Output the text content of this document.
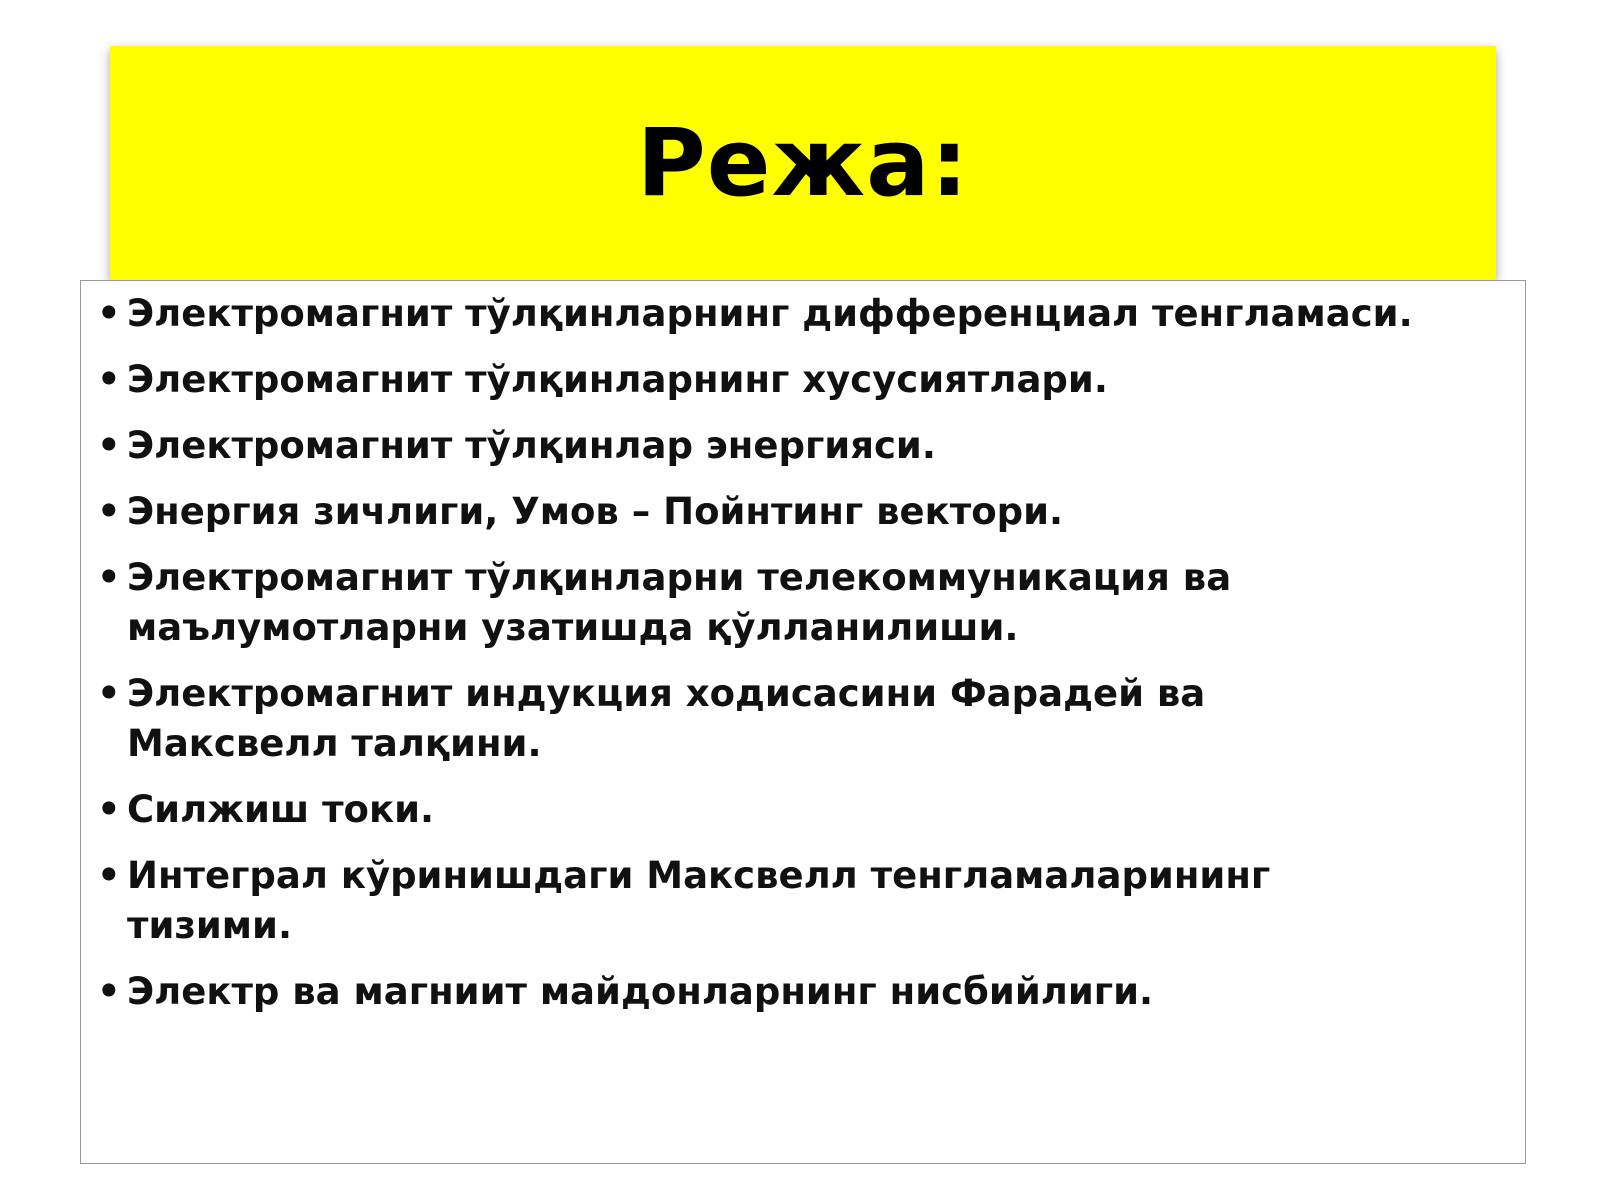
Режа:
• Электромагнит тўлқинларнинг дифференциал тенгламаси.
• Электромагнит тўлқинларнинг хусусиятлари.
• Электромагнит тўлқинлар энергияси.
• Энергия зичлиги, Умов – Пойнтинг вектори.
• Электромагнит тўлқинларни телекоммуникация ва маълумотларни узатишда қўлланилиши.
• Электромагнит индукция ходисасини Фарадей ва Максвелл талқини.
• Силжиш токи.
• Интеграл кўринишдаги Максвелл тенгламаларининг тизими.
• Электр ва магниит майдонларнинг нисбийлиги.
